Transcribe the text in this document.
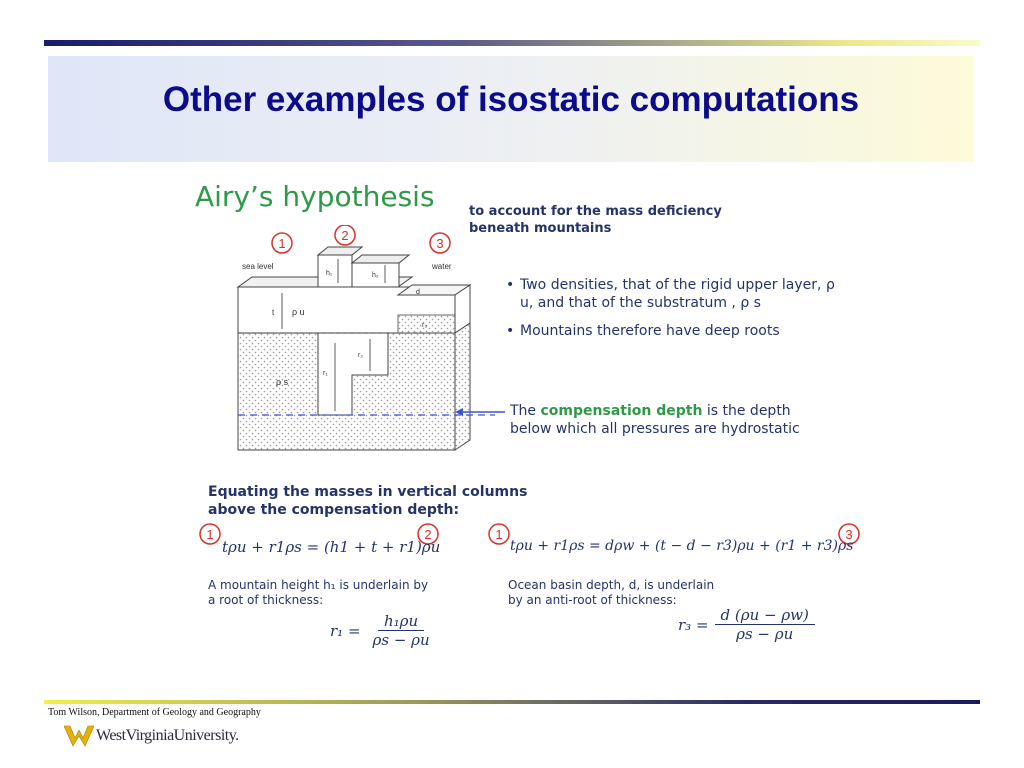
Other examples of isostatic computations
Airy’s hypothesis	to account for the mass deficiency
beneath mountains
sea level	water
h₁	h₂
d
t ρ u
ρ s
r₁
r₂
r₃
1
2
3
• Two densities, that of the rigid upper layer, ρ u, and that of the substratum , ρ s
• Mountains therefore have deep roots
The compensation depth is the depth below which all pressures are hydrostatic
Equating the masses in vertical columns
above the compensation depth:
1	2	1	3
tρu + r1ρs = (h1 + t + r1)ρu	tρu + r1ρs = dρw + (t − d − r3)ρu + (r1 + r3)ρs
A mountain height h₁ is underlain by
a root of thickness:
Ocean basin depth, d, is underlain
by an anti-root of thickness:
$r_1 = \frac{\text{h₁ρu}}{\rho s - \rho u}$	$r_3 = \frac{d (\rho u - \rho w)}{\rho s - \rho u}$
Tom Wilson, Department of Geology and Geography
WestVirginiaUniversity.
